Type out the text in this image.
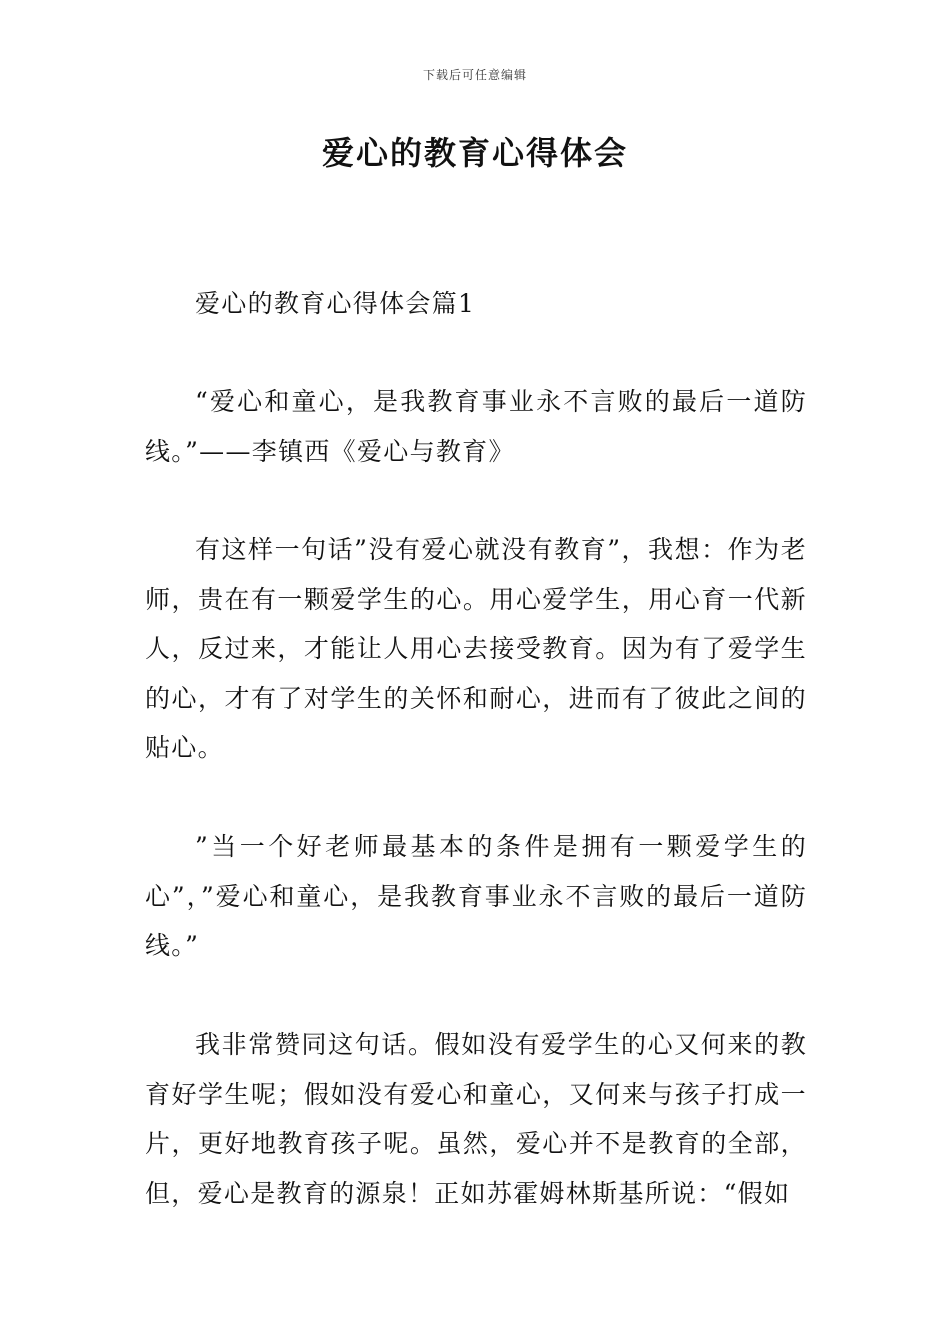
下载后可任意编辑
爱心的教育心得体会

爱心的教育心得体会篇1

“爱心和童心，是我教育事业永不言败的最后一道防线。”——李镇西《爱心与教育》

有这样一句话”没有爱心就没有教育”，我想：作为老师，贵在有一颗爱学生的心。用心爱学生，用心育一代新人，反过来，才能让人用心去接受教育。因为有了爱学生的心，才有了对学生的关怀和耐心，进而有了彼此之间的贴心。

”当一个好老师最基本的条件是拥有一颗爱学生的心”，”爱心和童心，是我教育事业永不言败的最后一道防线。”

我非常赞同这句话。假如没有爱学生的心又何来的教育好学生呢；假如没有爱心和童心，又何来与孩子打成一片，更好地教育孩子呢。虽然，爱心并不是教育的全部，但，爱心是教育的源泉！正如苏霍姆林斯基所说：“假如
